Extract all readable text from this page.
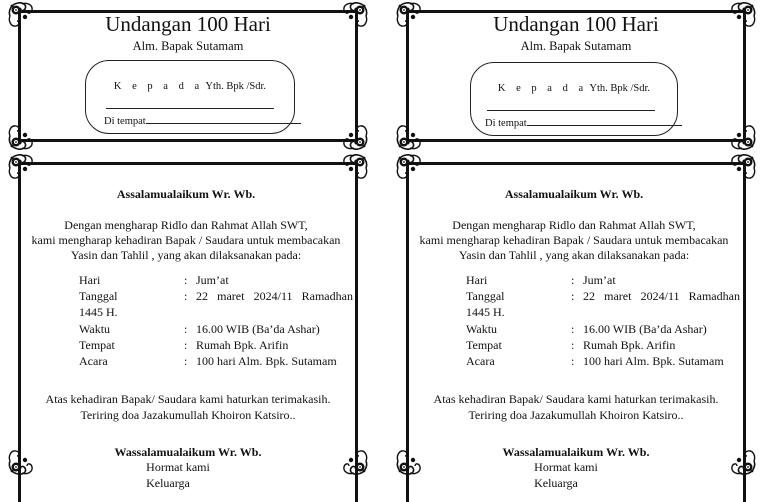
Undangan 100 Hari
Alm. Bapak Sutamam
K e p a d a Yth. Bpk /Sdr.
Di tempat
Undangan 100 Hari
Alm. Bapak Sutamam
K e p a d a Yth. Bpk /Sdr.
Di tempat
Assalamualaikum Wr. Wb.
Dengan mengharap Ridlo dan Rahmat Allah SWT,
kami mengharap kehadiran Bapak / Saudara untuk membacakan
Yasin dan Tahlil , yang akan dilaksanakan pada:
Hari	: Jum’at
Tanggal	: 22 maret 2024/11 Ramadhan
1445 H.
Waktu	: 16.00 WIB (Ba’da Ashar)
Tempat	: Rumah Bpk. Arifin
Acara	: 100 hari Alm. Bpk. Sutamam
Atas kehadiran Bapak/ Saudara kami haturkan terimakasih.
Teriring doa Jazakumullah Khoiron Katsiro..
Wassalamualaikum Wr. Wb.
Hormat kami
Keluarga
Assalamualaikum Wr. Wb.
Dengan mengharap Ridlo dan Rahmat Allah SWT,
kami mengharap kehadiran Bapak / Saudara untuk membacakan
Yasin dan Tahlil , yang akan dilaksanakan pada:
Hari	: Jum’at
Tanggal	: 22 maret 2024/11 Ramadhan
1445 H.
Waktu	: 16.00 WIB (Ba’da Ashar)
Tempat	: Rumah Bpk. Arifin
Acara	: 100 hari Alm. Bpk. Sutamam
Atas kehadiran Bapak/ Saudara kami haturkan terimakasih.
Teriring doa Jazakumullah Khoiron Katsiro..
Wassalamualaikum Wr. Wb.
Hormat kami
Keluarga
